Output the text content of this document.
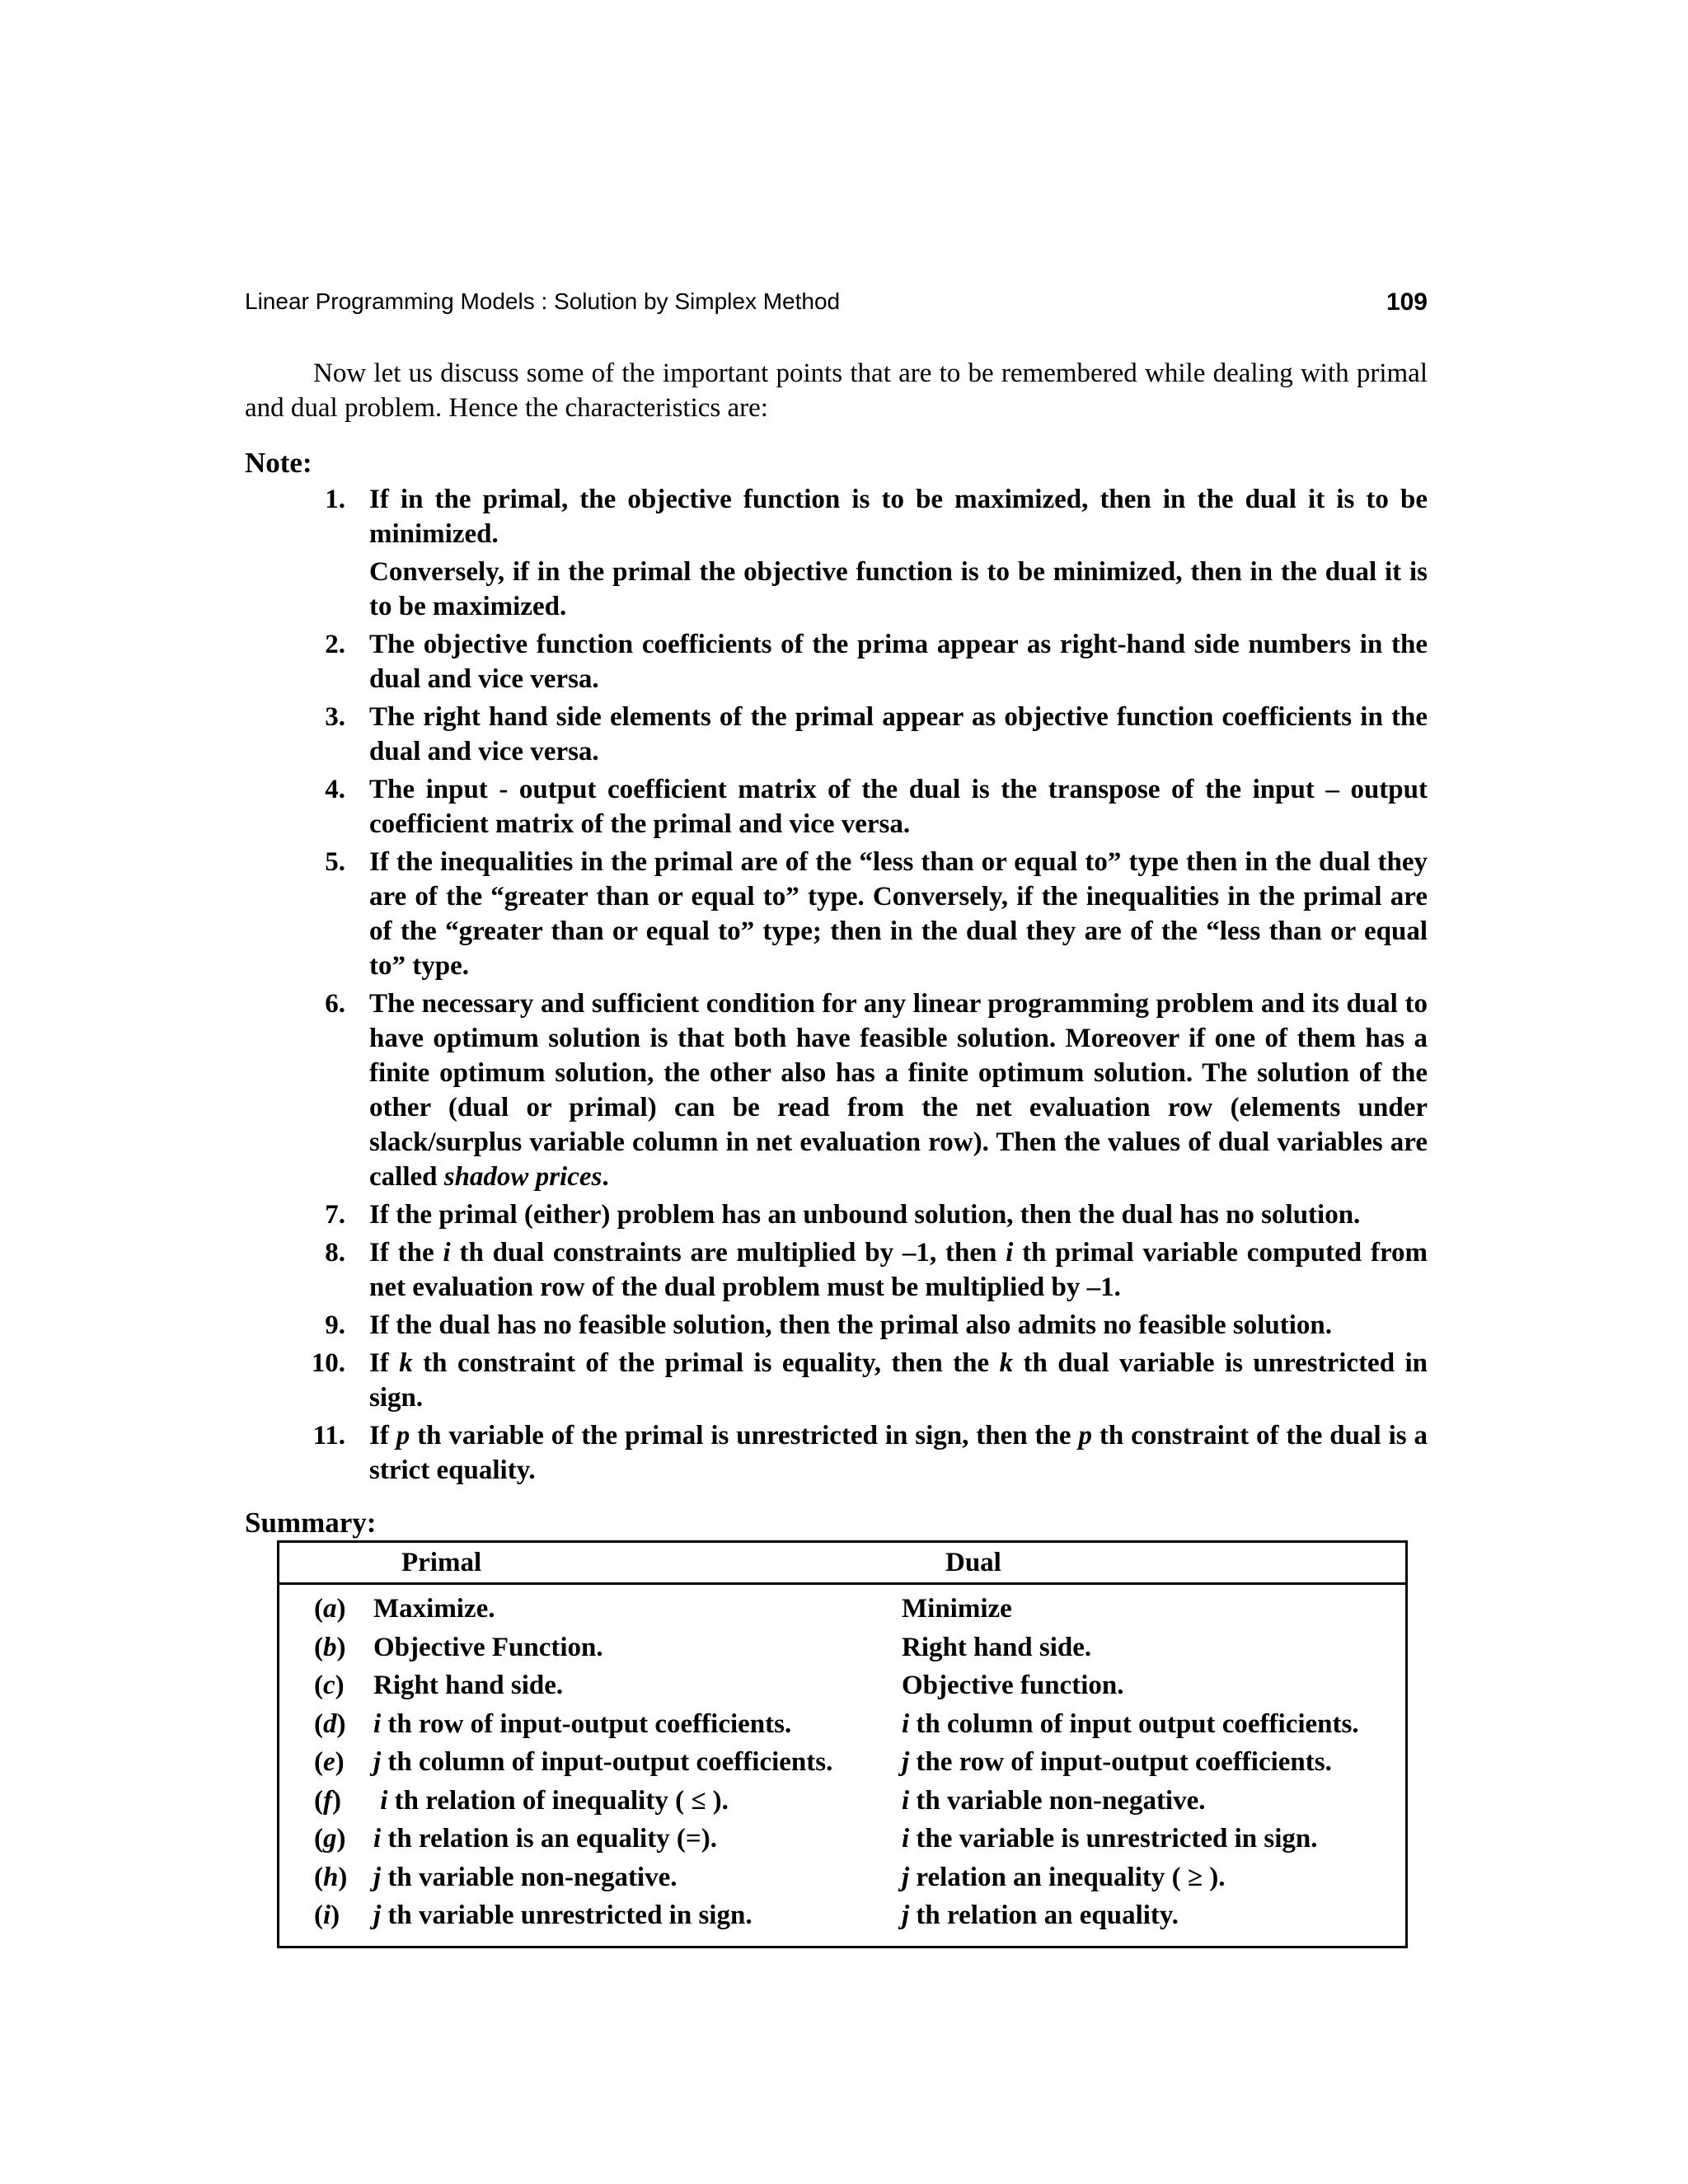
Linear Programming Models : Solution by Simplex Method	109
Now let us discuss some of the important points that are to be remembered while dealing with primal and dual problem. Hence the characteristics are:
Note:
1. If in the primal, the objective function is to be maximized, then in the dual it is to be minimized.
Conversely, if in the primal the objective function is to be minimized, then in the dual it is to be maximized.
2. The objective function coefficients of the prima appear as right-hand side numbers in the dual and vice versa.
3. The right hand side elements of the primal appear as objective function coefficients in the dual and vice versa.
4. The input - output coefficient matrix of the dual is the transpose of the input – output coefficient matrix of the primal and vice versa.
5. If the inequalities in the primal are of the “less than or equal to” type then in the dual they are of the “greater than or equal to” type. Conversely, if the inequalities in the primal are of the “greater than or equal to” type; then in the dual they are of the “less than or equal to” type.
6. The necessary and sufficient condition for any linear programming problem and its dual to have optimum solution is that both have feasible solution. Moreover if one of them has a finite optimum solution, the other also has a finite optimum solution. The solution of the other (dual or primal) can be read from the net evaluation row (elements under slack/surplus variable column in net evaluation row). Then the values of dual variables are called shadow prices.
7. If the primal (either) problem has an unbound solution, then the dual has no solution.
8. If the i th dual constraints are multiplied by –1, then i th primal variable computed from net evaluation row of the dual problem must be multiplied by –1.
9. If the dual has no feasible solution, then the primal also admits no feasible solution.
10. If k th constraint of the primal is equality, then the k th dual variable is unrestricted in sign.
11. If p th variable of the primal is unrestricted in sign, then the p th constraint of the dual is a strict equality.
Summary:
Primal	Dual
(a) Maximize.	Minimize
(b) Objective Function.	Right hand side.
(c) Right hand side.	Objective function.
(d) i th row of input-output coefficients.	i th column of input output coefficients.
(e) j th column of input-output coefficients.	j the row of input-output coefficients.
(f) i th relation of inequality ( ≤ ).	i th variable non-negative.
(g) i th relation is an equality (=).	i the variable is unrestricted in sign.
(h) j th variable non-negative.	j relation an inequality ( ≥ ).
(i) j th variable unrestricted in sign.	j th relation an equality.
